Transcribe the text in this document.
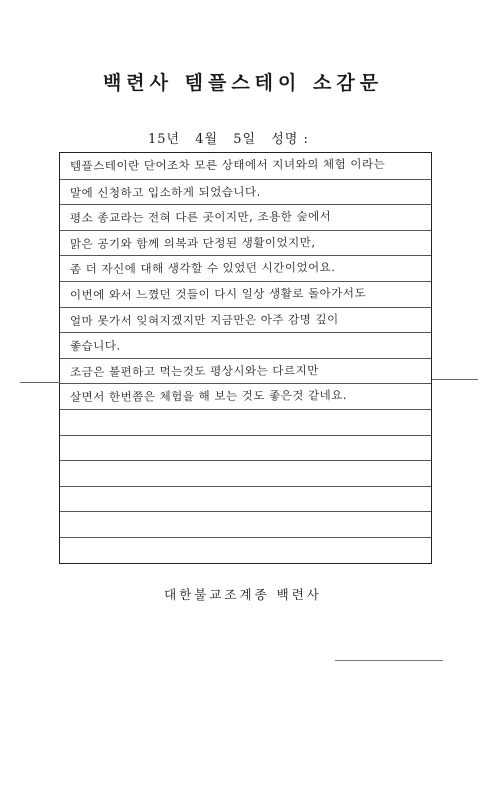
백련사 템플스테이 소감문
15년 4월 5일 성명 :
템플스테이란 단어조차 모른 상태에서 지녀와의 체험 이라는
말에 신청하고 입소하게 되었습니다.
평소 종교라는 전혀 다른 곳이지만, 조용한 숲에서
맑은 공기와 함께 의복과 단정된 생활이었지만,
좀 더 자신에 대해 생각할 수 있었던 시간이었어요.
이번에 와서 느꼈던 것들이 다시 일상 생활로 돌아가서도
얼마 못가서 잊혀지겠지만 지금만은 아주 감명 깊이
좋습니다.
조금은 불편하고 먹는것도 평상시와는 다르지만
살면서 한번쯤은 체험을 해 보는 것도 좋은것 같네요.
대한불교조계종 백련사
